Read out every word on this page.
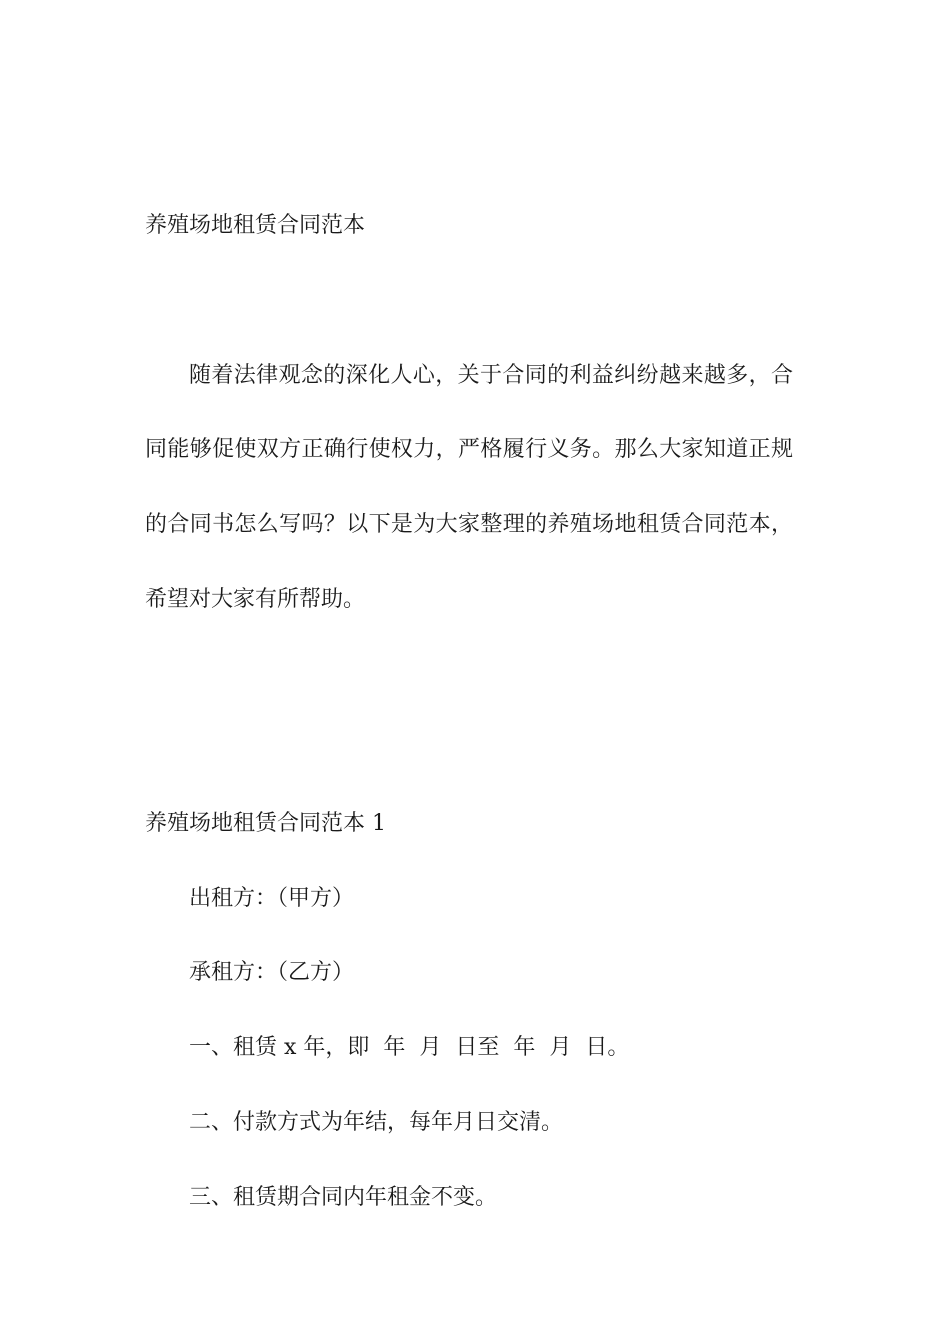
养殖场地租赁合同范本
随着法律观念的深化人心，关于合同的利益纠纷越来越多，合
同能够促使双方正确行使权力，严格履行义务。那么大家知道正规
的合同书怎么写吗？以下是为大家整理的养殖场地租赁合同范本，
希望对大家有所帮助。
养殖场地租赁合同范本 1
出租方：（甲方）
承租方：（乙方）
一、租赁 x 年，即  年  月  日至  年  月  日。
二、付款方式为年结，每年月日交清。
三、租赁期合同内年租金不变。
